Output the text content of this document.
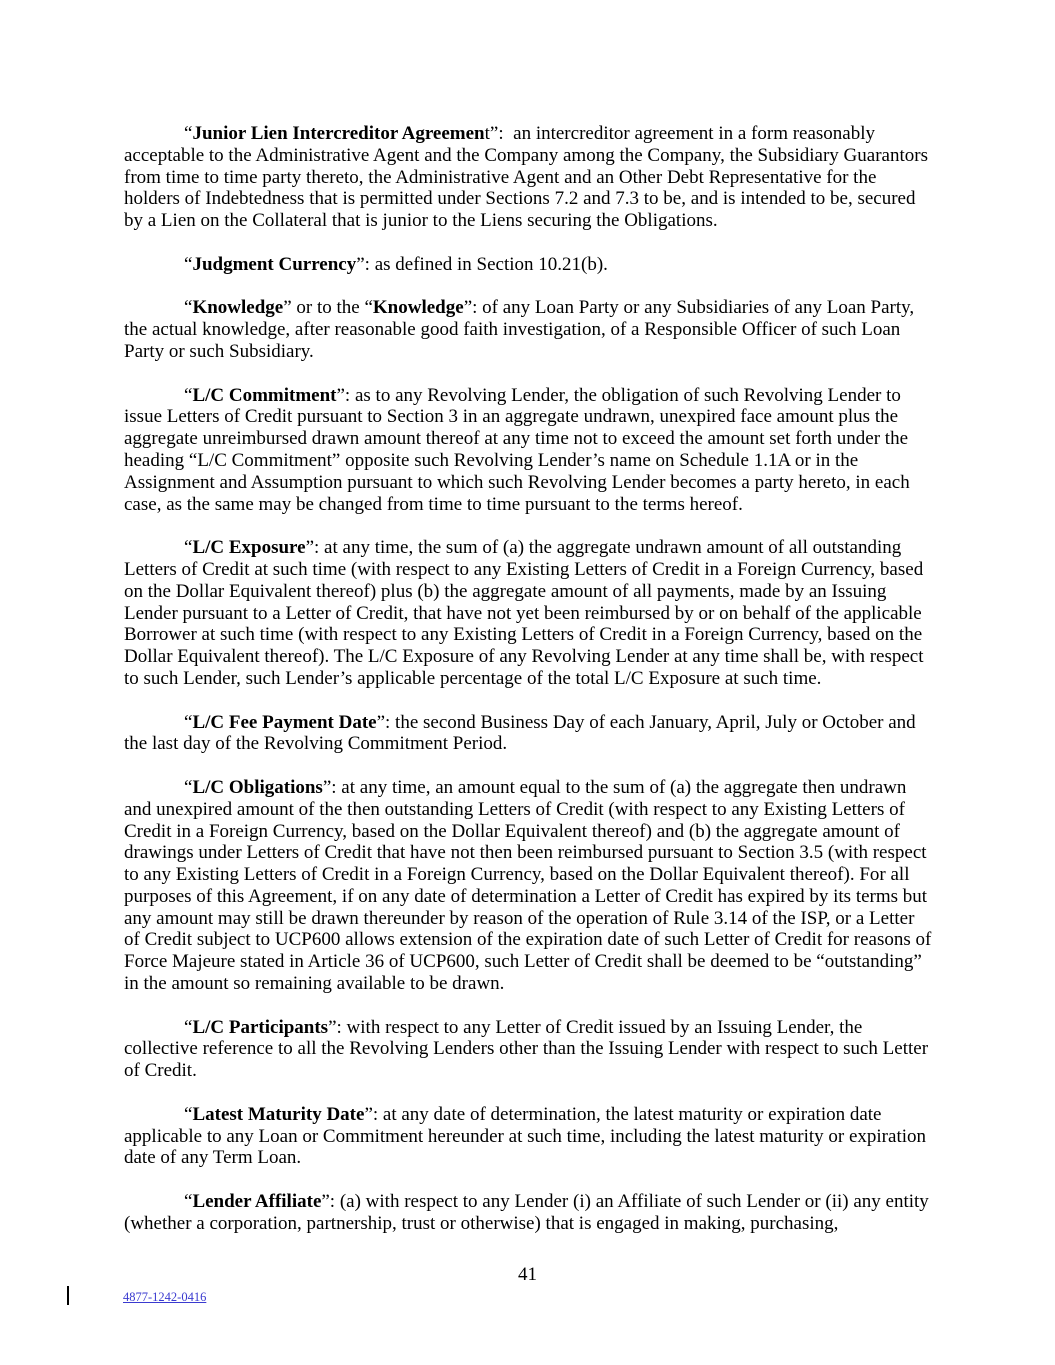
“Junior Lien Intercreditor Agreement”:  an intercreditor agreement in a form reasonably acceptable to the Administrative Agent and the Company among the Company, the Subsidiary Guarantors from time to time party thereto, the Administrative Agent and an Other Debt Representative for the holders of Indebtedness that is permitted under Sections 7.2 and 7.3 to be, and is intended to be, secured by a Lien on the Collateral that is junior to the Liens securing the Obligations.

“Judgment Currency”: as defined in Section 10.21(b).

“Knowledge” or to the “Knowledge”: of any Loan Party or any Subsidiaries of any Loan Party, the actual knowledge, after reasonable good faith investigation, of a Responsible Officer of such Loan Party or such Subsidiary.

“L/C Commitment”: as to any Revolving Lender, the obligation of such Revolving Lender to issue Letters of Credit pursuant to Section 3 in an aggregate undrawn, unexpired face amount plus the aggregate unreimbursed drawn amount thereof at any time not to exceed the amount set forth under the heading “L/C Commitment” opposite such Revolving Lender’s name on Schedule 1.1A or in the Assignment and Assumption pursuant to which such Revolving Lender becomes a party hereto, in each case, as the same may be changed from time to time pursuant to the terms hereof.

“L/C Exposure”: at any time, the sum of (a) the aggregate undrawn amount of all outstanding Letters of Credit at such time (with respect to any Existing Letters of Credit in a Foreign Currency, based on the Dollar Equivalent thereof) plus (b) the aggregate amount of all payments, made by an Issuing Lender pursuant to a Letter of Credit, that have not yet been reimbursed by or on behalf of the applicable Borrower at such time (with respect to any Existing Letters of Credit in a Foreign Currency, based on the Dollar Equivalent thereof). The L/C Exposure of any Revolving Lender at any time shall be, with respect to such Lender, such Lender’s applicable percentage of the total L/C Exposure at such time.

“L/C Fee Payment Date”: the second Business Day of each January, April, July or October and the last day of the Revolving Commitment Period.

“L/C Obligations”: at any time, an amount equal to the sum of (a) the aggregate then undrawn and unexpired amount of the then outstanding Letters of Credit (with respect to any Existing Letters of Credit in a Foreign Currency, based on the Dollar Equivalent thereof) and (b) the aggregate amount of drawings under Letters of Credit that have not then been reimbursed pursuant to Section 3.5 (with respect to any Existing Letters of Credit in a Foreign Currency, based on the Dollar Equivalent thereof). For all purposes of this Agreement, if on any date of determination a Letter of Credit has expired by its terms but any amount may still be drawn thereunder by reason of the operation of Rule 3.14 of the ISP, or a Letter of Credit subject to UCP600 allows extension of the expiration date of such Letter of Credit for reasons of Force Majeure stated in Article 36 of UCP600, such Letter of Credit shall be deemed to be “outstanding” in the amount so remaining available to be drawn.

“L/C Participants”: with respect to any Letter of Credit issued by an Issuing Lender, the collective reference to all the Revolving Lenders other than the Issuing Lender with respect to such Letter of Credit.

“Latest Maturity Date”: at any date of determination, the latest maturity or expiration date applicable to any Loan or Commitment hereunder at such time, including the latest maturity or expiration date of any Term Loan.

“Lender Affiliate”: (a) with respect to any Lender (i) an Affiliate of such Lender or (ii) any entity (whether a corporation, partnership, trust or otherwise) that is engaged in making, purchasing,

41
4877-1242-0416
